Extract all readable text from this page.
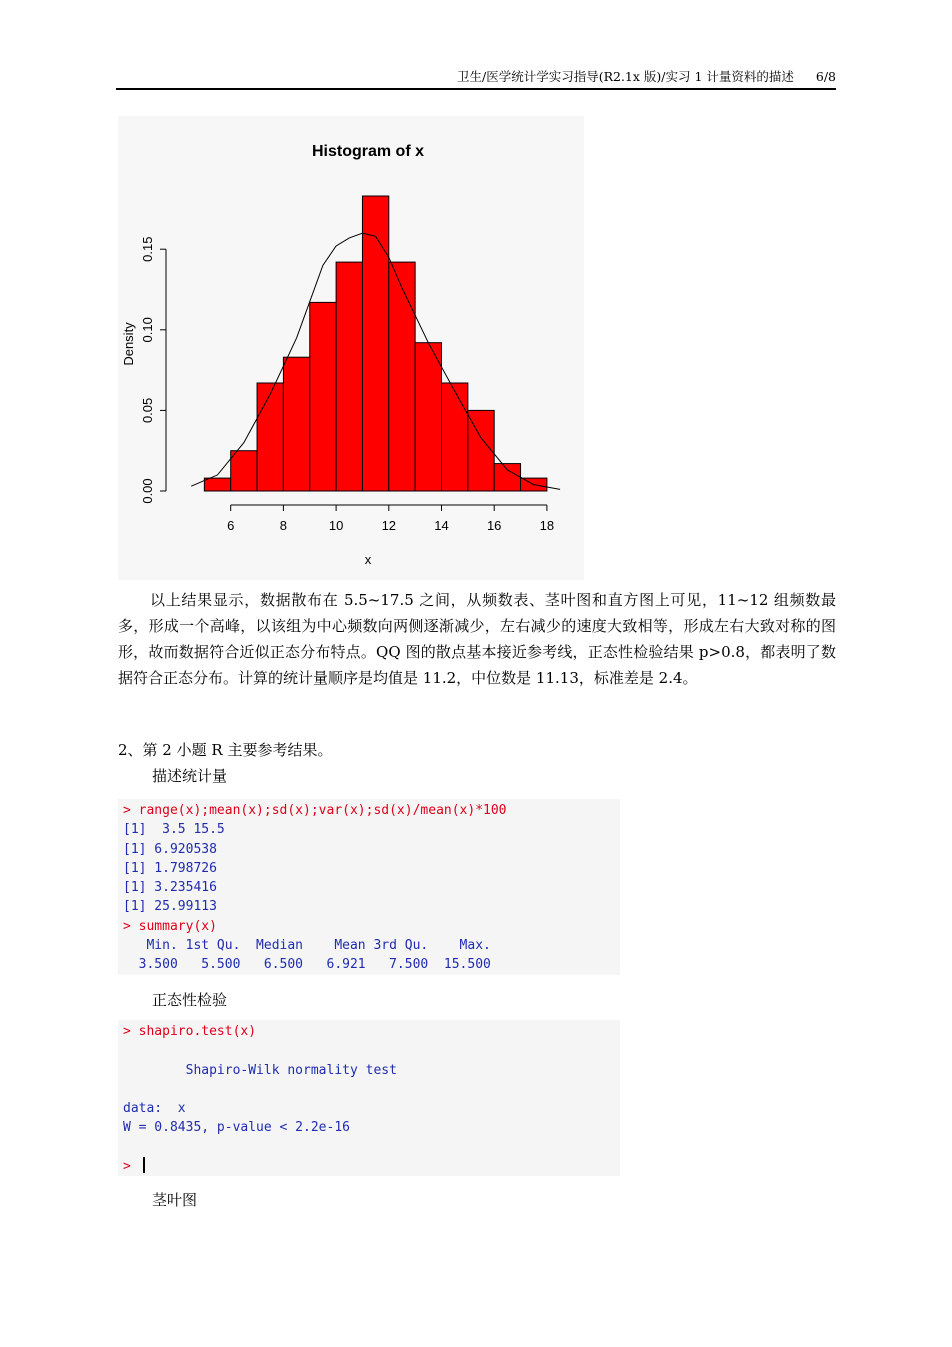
卫生/医学统计学实习指导(R2.1x 版)/实习 1 计量资料的描述 6/8
Histogram of x
x
Density
6	8	10	12	14	16	18
0.00
0.05
0.10
0.15
以上结果显示，数据散布在 5.5~17.5 之间，从频数表、茎叶图和直方图上可见，11~12 组频数最多，形成一个高峰，以该组为中心频数向两侧逐渐减少，左右减少的速度大致相等，形成左右大致对称的图形，故而数据符合近似正态分布特点。QQ 图的散点基本接近参考线，正态性检验结果 p>0.8，都表明了数据符合正态分布。计算的统计量顺序是均值是 11.2，中位数是 11.13，标准差是 2.4。
2、第 2 小题 R 主要参考结果。
描述统计量
> range(x);mean(x);sd(x);var(x);sd(x)/mean(x)*100
[1]  3.5 15.5
[1] 6.920538
[1] 1.798726
[1] 3.235416
[1] 25.99113
> summary(x)
Min. 1st Qu.  Median    Mean 3rd Qu.    Max.
3.500   5.500   6.500   6.921   7.500  15.500
正态性检验
> shapiro.test(x)
Shapiro-Wilk normality test
data:  x
W = 0.8435, p-value < 2.2e-16
>
茎叶图
